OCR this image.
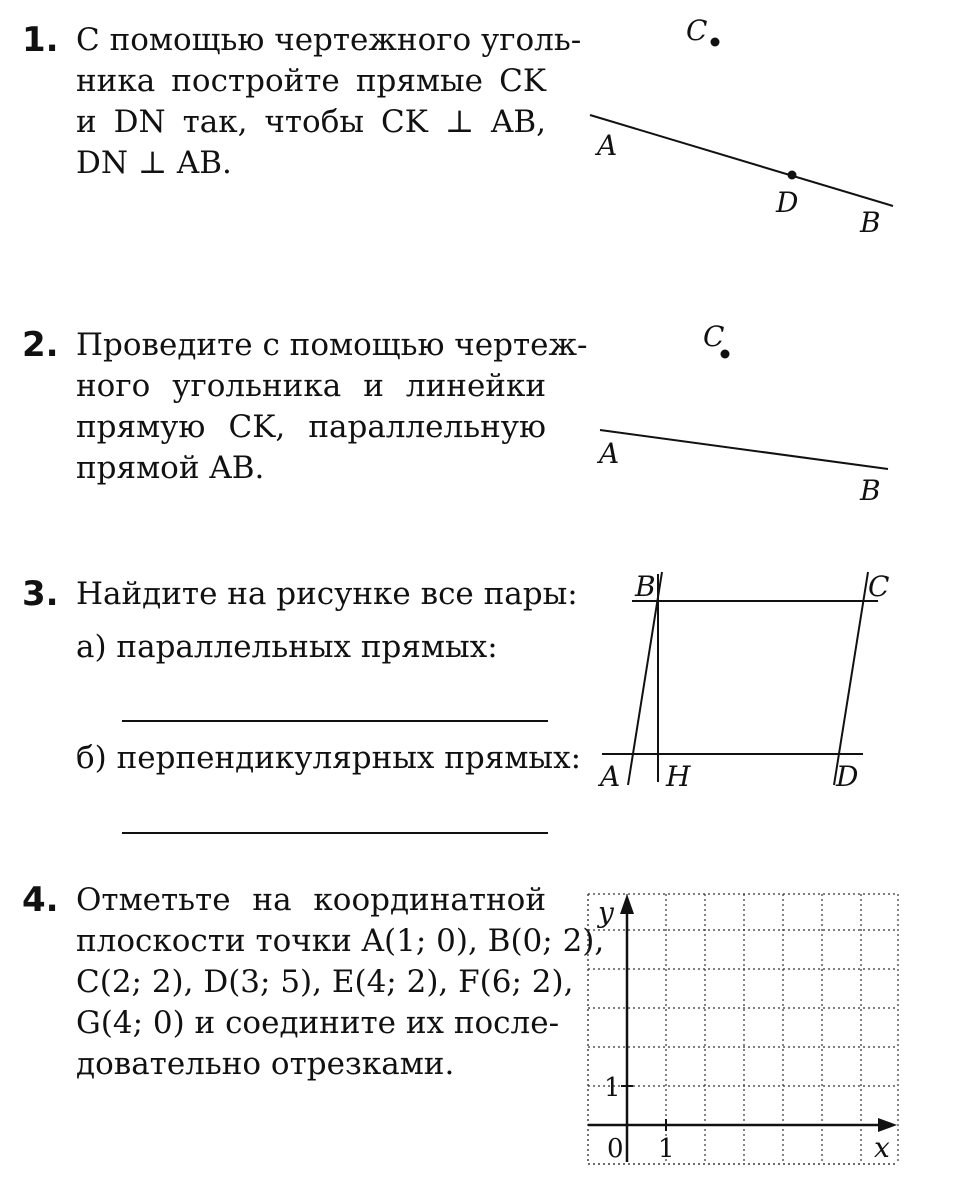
1. С помощью чертежного уголь-
ника постройте прямые CK
и DN так, чтобы CK ⊥ AB,
DN ⊥ AB.
2. Проведите с помощью чертеж-
ного угольника и линейки
прямую CK, параллельную
прямой AB.
3. Найдите на рисунке все пары:
а) параллельных прямых:
б) перпендикулярных прямых:
4. Отметьте на координатной
плоскости точки A(1; 0), B(0; 2),
C(2; 2), D(3; 5), E(4; 2), F(6; 2),
G(4; 0) и соедините их после-
довательно отрезками.
C
A
D
B
C
A
B
B	C
A H	D
y
x
0 1
1
